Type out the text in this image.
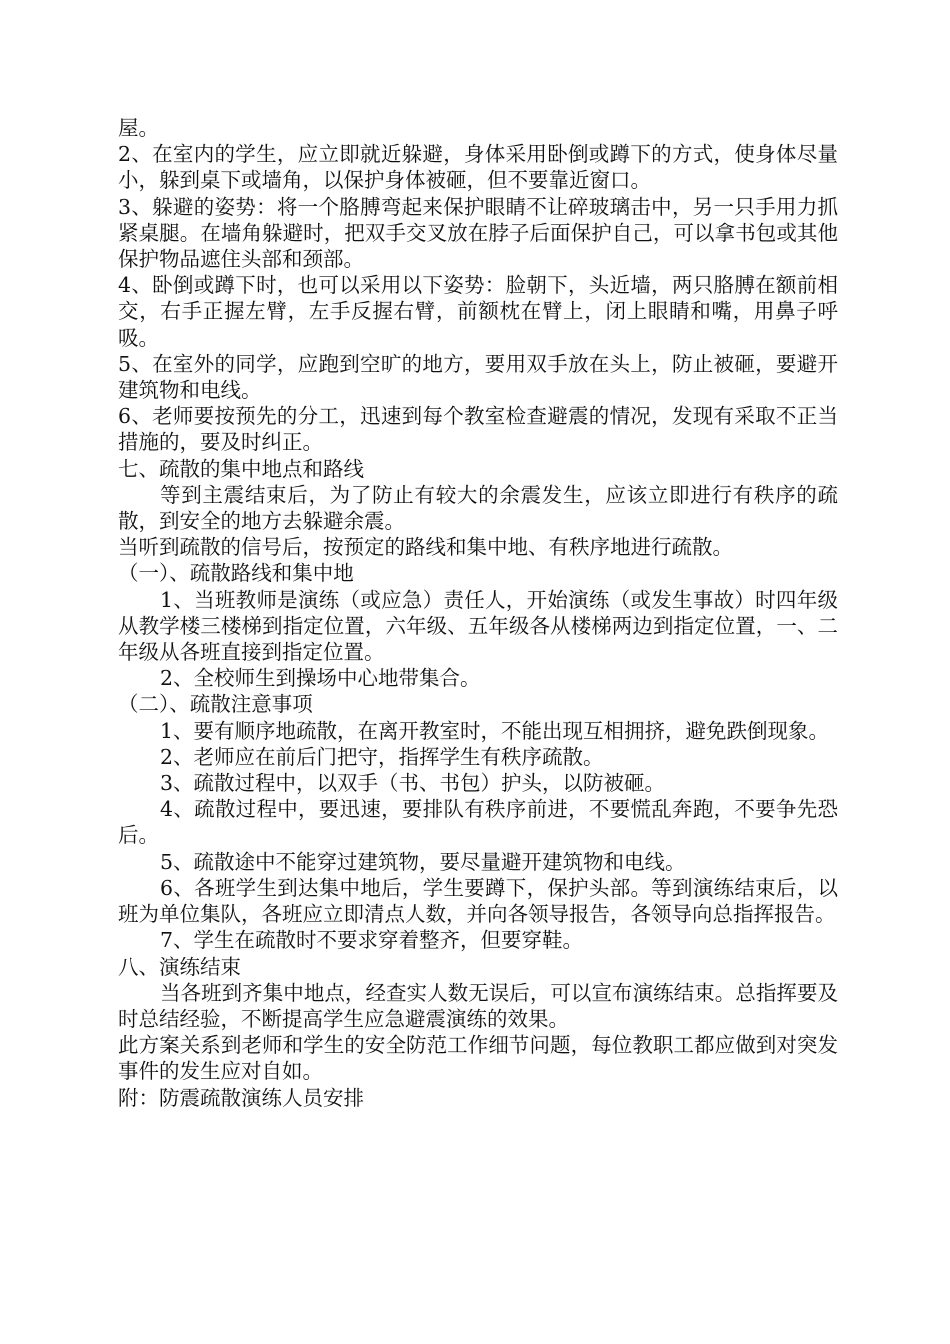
屋。

2、在室内的学生，应立即就近躲避，身体采用卧倒或蹲下的方式，使身体尽量小，躲到桌下或墙角，以保护身体被砸，但不要靠近窗口。

3、躲避的姿势：将一个胳膊弯起来保护眼睛不让碎玻璃击中，另一只手用力抓紧桌腿。在墙角躲避时，把双手交叉放在脖子后面保护自己，可以拿书包或其他保护物品遮住头部和颈部。

4、卧倒或蹲下时，也可以采用以下姿势：脸朝下，头近墙，两只胳膊在额前相交，右手正握左臂，左手反握右臂，前额枕在臂上，闭上眼睛和嘴，用鼻子呼吸。

5、在室外的同学，应跑到空旷的地方，要用双手放在头上，防止被砸，要避开建筑物和电线。

6、老师要按预先的分工，迅速到每个教室检查避震的情况，发现有采取不正当措施的，要及时纠正。

七、疏散的集中地点和路线

等到主震结束后，为了防止有较大的余震发生，应该立即进行有秩序的疏散，到安全的地方去躲避余震。

当听到疏散的信号后，按预定的路线和集中地、有秩序地进行疏散。

（一）、疏散路线和集中地

1、当班教师是演练（或应急）责任人，开始演练（或发生事故）时四年级从教学楼三楼梯到指定位置，六年级、五年级各从楼梯两边到指定位置，一、二年级从各班直接到指定位置。

2、全校师生到操场中心地带集合。

（二）、疏散注意事项

1、要有顺序地疏散，在离开教室时，不能出现互相拥挤，避免跌倒现象。

2、老师应在前后门把守，指挥学生有秩序疏散。

3、疏散过程中，以双手（书、书包）护头，以防被砸。

4、疏散过程中，要迅速，要排队有秩序前进，不要慌乱奔跑，不要争先恐后。

5、疏散途中不能穿过建筑物，要尽量避开建筑物和电线。

6、各班学生到达集中地后，学生要蹲下，保护头部。等到演练结束后，以班为单位集队，各班应立即清点人数，并向各领导报告，各领导向总指挥报告。

7、学生在疏散时不要求穿着整齐，但要穿鞋。

八、演练结束

当各班到齐集中地点，经查实人数无误后，可以宣布演练结束。总指挥要及时总结经验，不断提高学生应急避震演练的效果。

此方案关系到老师和学生的安全防范工作细节问题，每位教职工都应做到对突发事件的发生应对自如。

附：防震疏散演练人员安排
